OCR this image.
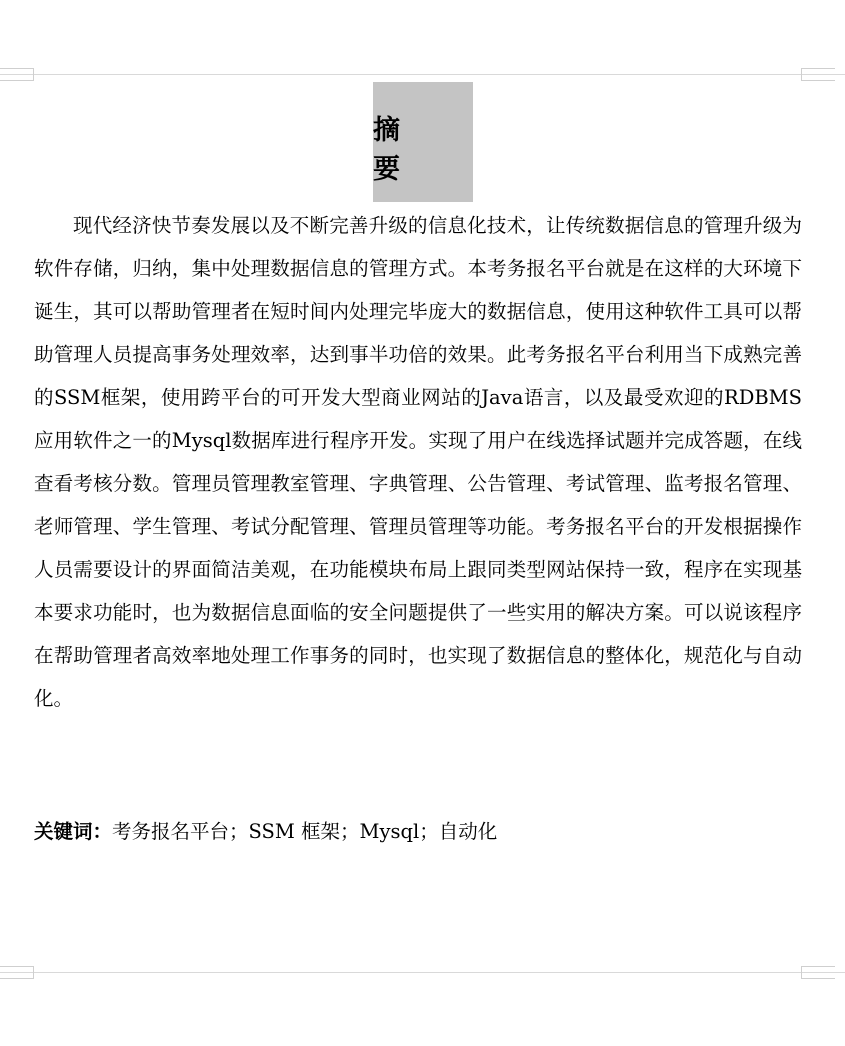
摘　要

现代经济快节奏发展以及不断完善升级的信息化技术，让传统数据信息的管理升级为软件存储，归纳，集中处理数据信息的管理方式。本考务报名平台就是在这样的大环境下诞生，其可以帮助管理者在短时间内处理完毕庞大的数据信息，使用这种软件工具可以帮助管理人员提高事务处理效率，达到事半功倍的效果。此考务报名平台利用当下成熟完善的SSM框架，使用跨平台的可开发大型商业网站的Java语言，以及最受欢迎的RDBMS应用软件之一的Mysql数据库进行程序开发。实现了用户在线选择试题并完成答题，在线查看考核分数。管理员管理教室管理、字典管理、公告管理、考试管理、监考报名管理、老师管理、学生管理、考试分配管理、管理员管理等功能。考务报名平台的开发根据操作人员需要设计的界面简洁美观，在功能模块布局上跟同类型网站保持一致，程序在实现基本要求功能时，也为数据信息面临的安全问题提供了一些实用的解决方案。可以说该程序在帮助管理者高效率地处理工作事务的同时，也实现了数据信息的整体化，规范化与自动化。

关键词：考务报名平台；SSM 框架；Mysql；自动化
